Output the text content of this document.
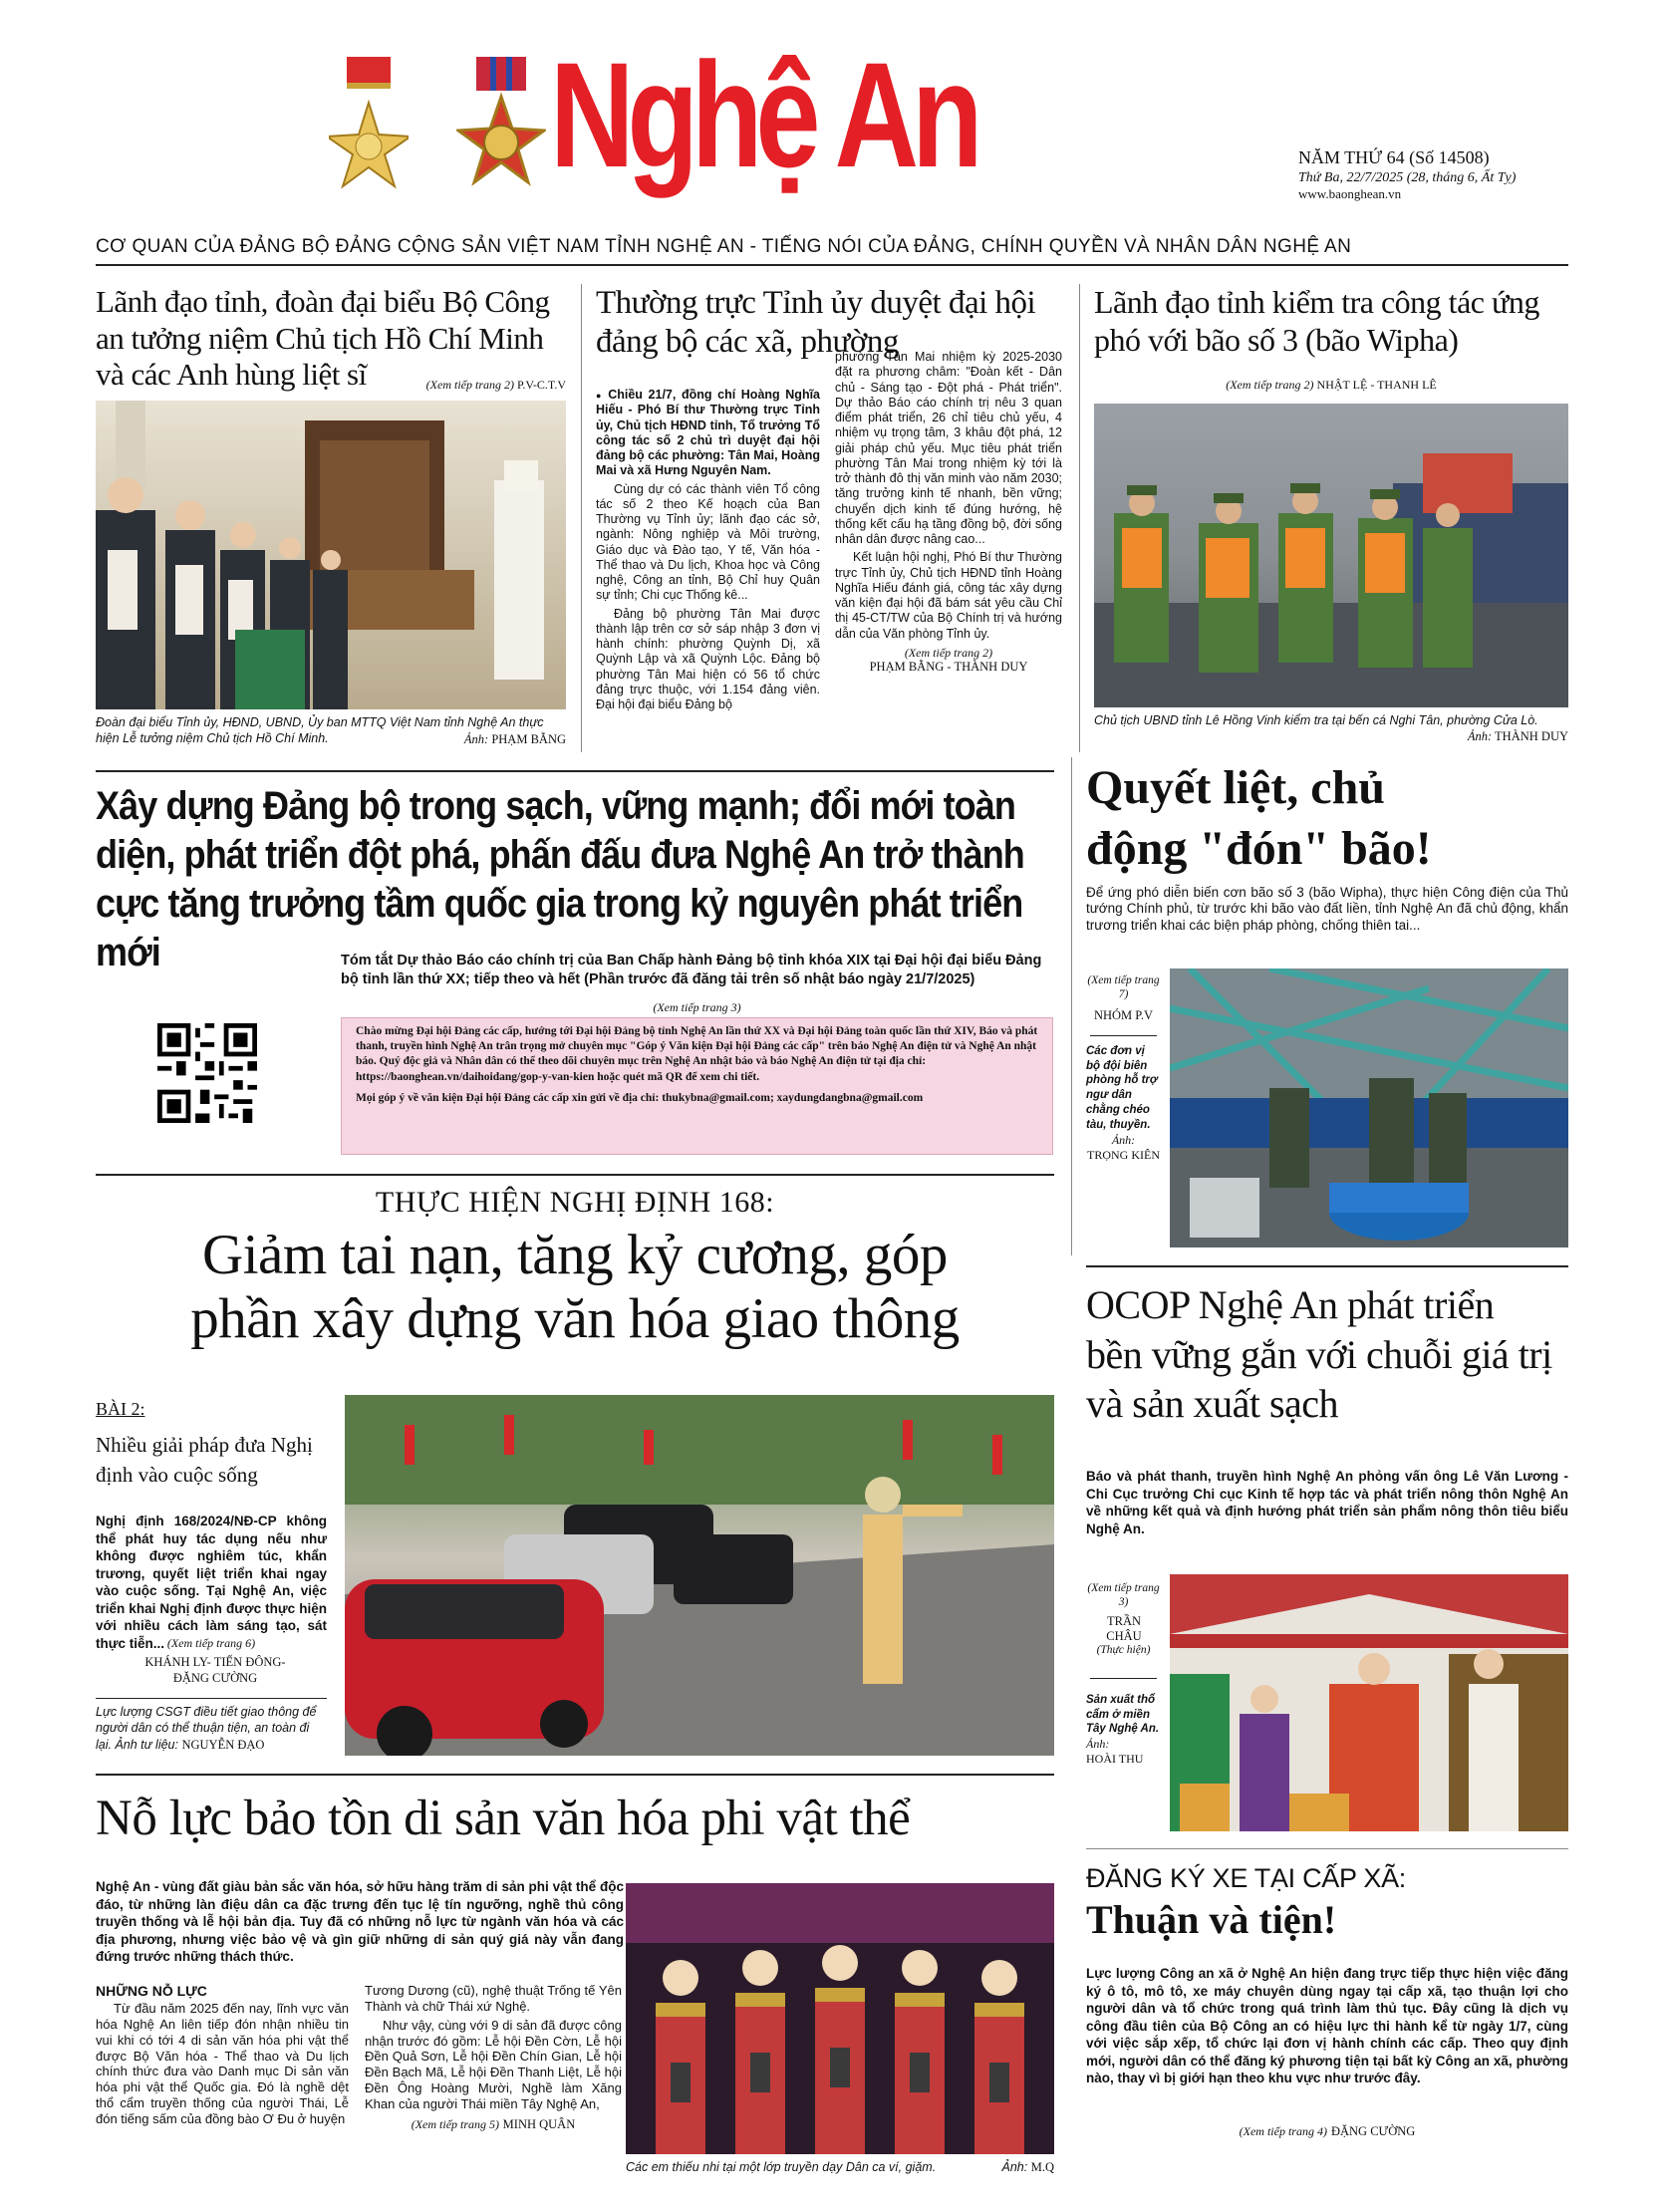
Nghệ An	NĂM THỨ 64 (Số 14508)
Thứ Ba, 22/7/2025 (28, tháng 6, Ất Tỵ)
www.baonghean.vn
CƠ QUAN CỦA ĐẢNG BỘ ĐẢNG CỘNG SẢN VIỆT NAM TỈNH NGHỆ AN - TIẾNG NÓI CỦA ĐẢNG, CHÍNH QUYỀN VÀ NHÂN DÂN NGHỆ AN
Lãnh đạo tỉnh, đoàn đại biểu Bộ Công an tưởng niệm Chủ tịch Hồ Chí Minh và các Anh hùng liệt sĩ	(Xem tiếp trang 2) P.V-C.T.V
Đoàn đại biểu Tỉnh ủy, HĐND, UBND, Ủy ban MTTQ Việt Nam tỉnh Nghệ An thực hiện Lễ tưởng niệm Chủ tịch Hồ Chí Minh.	Ảnh: PHẠM BẰNG
Thường trực Tỉnh ủy duyệt đại hội đảng bộ các xã, phường

● Chiều 21/7, đồng chí Hoàng Nghĩa Hiếu - Phó Bí thư Thường trực Tỉnh ủy, Chủ tịch HĐND tỉnh, Tổ trưởng Tổ công tác số 2 chủ trì duyệt đại hội đảng bộ các phường: Tân Mai, Hoàng Mai và xã Hưng Nguyên Nam.

Cùng dự có các thành viên Tổ công tác số 2 theo Kế hoạch của Ban Thường vụ Tỉnh ủy; lãnh đạo các sở, ngành: Nông nghiệp và Môi trường, Giáo dục và Đào tạo, Y tế, Văn hóa - Thể thao và Du lịch, Khoa học và Công nghệ, Công an tỉnh, Bộ Chỉ huy Quân sự tỉnh; Chi cục Thống kê...

Đảng bộ phường Tân Mai được thành lập trên cơ sở sáp nhập 3 đơn vị hành chính: phường Quỳnh Dị, xã Quỳnh Lập và xã Quỳnh Lộc. Đảng bộ phường Tân Mai hiện có 56 tổ chức đảng trực thuộc, với 1.154 đảng viên. Đại hội đại biểu Đảng bộ

phường Tân Mai nhiệm kỳ 2025-2030 đặt ra phương châm: "Đoàn kết - Dân chủ - Sáng tạo - Đột phá - Phát triển". Dự thảo Báo cáo chính trị nêu 3 quan điểm phát triển, 26 chỉ tiêu chủ yếu, 4 nhiệm vụ trọng tâm, 3 khâu đột phá, 12 giải pháp chủ yếu. Mục tiêu phát triển phường Tân Mai trong nhiệm kỳ tới là trở thành đô thị văn minh vào năm 2030; tăng trưởng kinh tế nhanh, bền vững; chuyển dịch kinh tế đúng hướng, hệ thống kết cấu hạ tầng đồng bộ, đời sống nhân dân được nâng cao...

Kết luận hội nghị, Phó Bí thư Thường trực Tỉnh ủy, Chủ tịch HĐND tỉnh Hoàng Nghĩa Hiếu đánh giá, công tác xây dựng văn kiện đại hội đã bám sát yêu cầu Chỉ thị 45-CT/TW của Bộ Chính trị và hướng dẫn của Văn phòng Tỉnh ủy.

(Xem tiếp trang 2)
PHẠM BẰNG - THÀNH DUY
Lãnh đạo tỉnh kiểm tra công tác ứng phó với bão số 3 (bão Wipha)
(Xem tiếp trang 2) NHẬT LỆ - THANH LÊ
Chủ tịch UBND tỉnh Lê Hồng Vinh kiểm tra tại bến cá Nghi Tân, phường Cửa Lò.
Ảnh: THÀNH DUY
Xây dựng Đảng bộ trong sạch, vững mạnh; đổi mới toàn diện, phát triển đột phá, phấn đấu đưa Nghệ An trở thành cực tăng trưởng tầm quốc gia trong kỷ nguyên phát triển mới	Tóm tắt Dự thảo Báo cáo chính trị của Ban Chấp hành Đảng bộ tỉnh khóa XIX tại Đại hội đại biểu Đảng bộ tỉnh lần thứ XX; tiếp theo và hết (Phần trước đã đăng tải trên số nhật báo ngày 21/7/2025)
(Xem tiếp trang 3)
Chào mừng Đại hội Đảng các cấp, hướng tới Đại hội Đảng bộ tỉnh Nghệ An lần thứ XX và Đại hội Đảng toàn quốc lần thứ XIV, Báo và phát thanh, truyền hình Nghệ An trân trọng mở chuyên mục "Góp ý Văn kiện Đại hội Đảng các cấp" trên báo Nghệ An điện tử và Nghệ An nhật báo. Quý độc giả và Nhân dân có thể theo dõi chuyên mục trên Nghệ An nhật báo và báo Nghệ An điện tử tại địa chỉ: https://baonghean.vn/daihoidang/gop-y-van-kien hoặc quét mã QR để xem chi tiết.
Mọi góp ý về văn kiện Đại hội Đảng các cấp xin gửi về địa chỉ: thukybna@gmail.com; xaydungdangbna@gmail.com
Quyết liệt, chủ động "đón" bão!
Để ứng phó diễn biến cơn bão số 3 (bão Wipha), thực hiện Công điện của Thủ tướng Chính phủ, từ trước khi bão vào đất liền, tỉnh Nghệ An đã chủ động, khẩn trương triển khai các biện pháp phòng, chống thiên tai...
(Xem tiếp trang 7)
NHÓM P.V
Các đơn vị bộ đội biên phòng hỗ trợ ngư dân chằng chéo tàu, thuyền.
Ảnh:
TRỌNG KIÊN
THỰC HIỆN NGHỊ ĐỊNH 168:
Giảm tai nạn, tăng kỷ cương, góp phần xây dựng văn hóa giao thông
BÀI 2:
Nhiều giải pháp đưa Nghị định vào cuộc sống
Nghị định 168/2024/NĐ-CP không thể phát huy tác dụng nếu như không được nghiêm túc, khẩn trương, quyết liệt triển khai ngay vào cuộc sống. Tại Nghệ An, việc triển khai Nghị định được thực hiện với nhiều cách làm sáng tạo, sát thực tiễn... (Xem tiếp trang 6)
KHÁNH LY- TIẾN ĐÔNG- ĐẶNG CƯỜNG
Lực lượng CSGT điều tiết giao thông để người dân có thể thuận tiện, an toàn đi lại. Ảnh tư liệu: NGUYỄN ĐẠO
OCOP Nghệ An phát triển bền vững gắn với chuỗi giá trị và sản xuất sạch
Báo và phát thanh, truyền hình Nghệ An phỏng vấn ông Lê Văn Lương - Chi Cục trưởng Chi cục Kinh tế hợp tác và phát triển nông thôn Nghệ An về những kết quả và định hướng phát triển sản phẩm nông thôn tiêu biểu Nghệ An.
(Xem tiếp trang 3)
TRẦN CHÂU
(Thực hiện)
Sản xuất thổ cẩm ở miền Tây Nghệ An.
Ảnh:
HOÀI THU
Nỗ lực bảo tồn di sản văn hóa phi vật thể
Nghệ An - vùng đất giàu bản sắc văn hóa, sở hữu hàng trăm di sản phi vật thể độc đáo, từ những làn điệu dân ca đặc trưng đến tục lệ tín ngưỡng, nghề thủ công truyền thống và lễ hội bản địa. Tuy đã có những nỗ lực từ ngành văn hóa và các địa phương, nhưng việc bảo vệ và gìn giữ những di sản quý giá này vẫn đang đứng trước những thách thức.
NHỮNG NỖ LỰC

Từ đầu năm 2025 đến nay, lĩnh vực văn hóa Nghệ An liên tiếp đón nhận nhiều tin vui khi có tới 4 di sản văn hóa phi vật thể được Bộ Văn hóa - Thể thao và Du lịch chính thức đưa vào Danh mục Di sản văn hóa phi vật thể Quốc gia. Đó là nghề dệt thổ cẩm truyền thống của người Thái, Lễ đón tiếng sấm của đồng bào Ơ Đu ở huyện

Tương Dương (cũ), nghệ thuật Trống tế Yên Thành và chữ Thái xứ Nghệ.

Như vậy, cùng với 9 di sản đã được công nhận trước đó gồm: Lễ hội Đền Cờn, Lễ hội Đền Quả Sơn, Lễ hội Đền Chín Gian, Lễ hội Đền Bạch Mã, Lễ hội Đền Thanh Liệt, Lễ hội Đền Ông Hoàng Mười, Nghề làm Xăng Khan của người Thái miền Tây Nghệ An,

(Xem tiếp trang 5) MINH QUÂN
Các em thiếu nhi tại một lớp truyền dạy Dân ca ví, giặm.	Ảnh: M.Q
ĐĂNG KÝ XE TẠI CẤP XÃ:
Thuận và tiện!
Lực lượng Công an xã ở Nghệ An hiện đang trực tiếp thực hiện việc đăng ký ô tô, mô tô, xe máy chuyên dùng ngay tại cấp xã, tạo thuận lợi cho người dân và tổ chức trong quá trình làm thủ tục. Đây cũng là dịch vụ công đầu tiên của Bộ Công an có hiệu lực thi hành kể từ ngày 1/7, cùng với việc sắp xếp, tổ chức lại đơn vị hành chính các cấp. Theo quy định mới, người dân có thể đăng ký phương tiện tại bất kỳ Công an xã, phường nào, thay vì bị giới hạn theo khu vực như trước đây.
(Xem tiếp trang 4) ĐẶNG CƯỜNG
